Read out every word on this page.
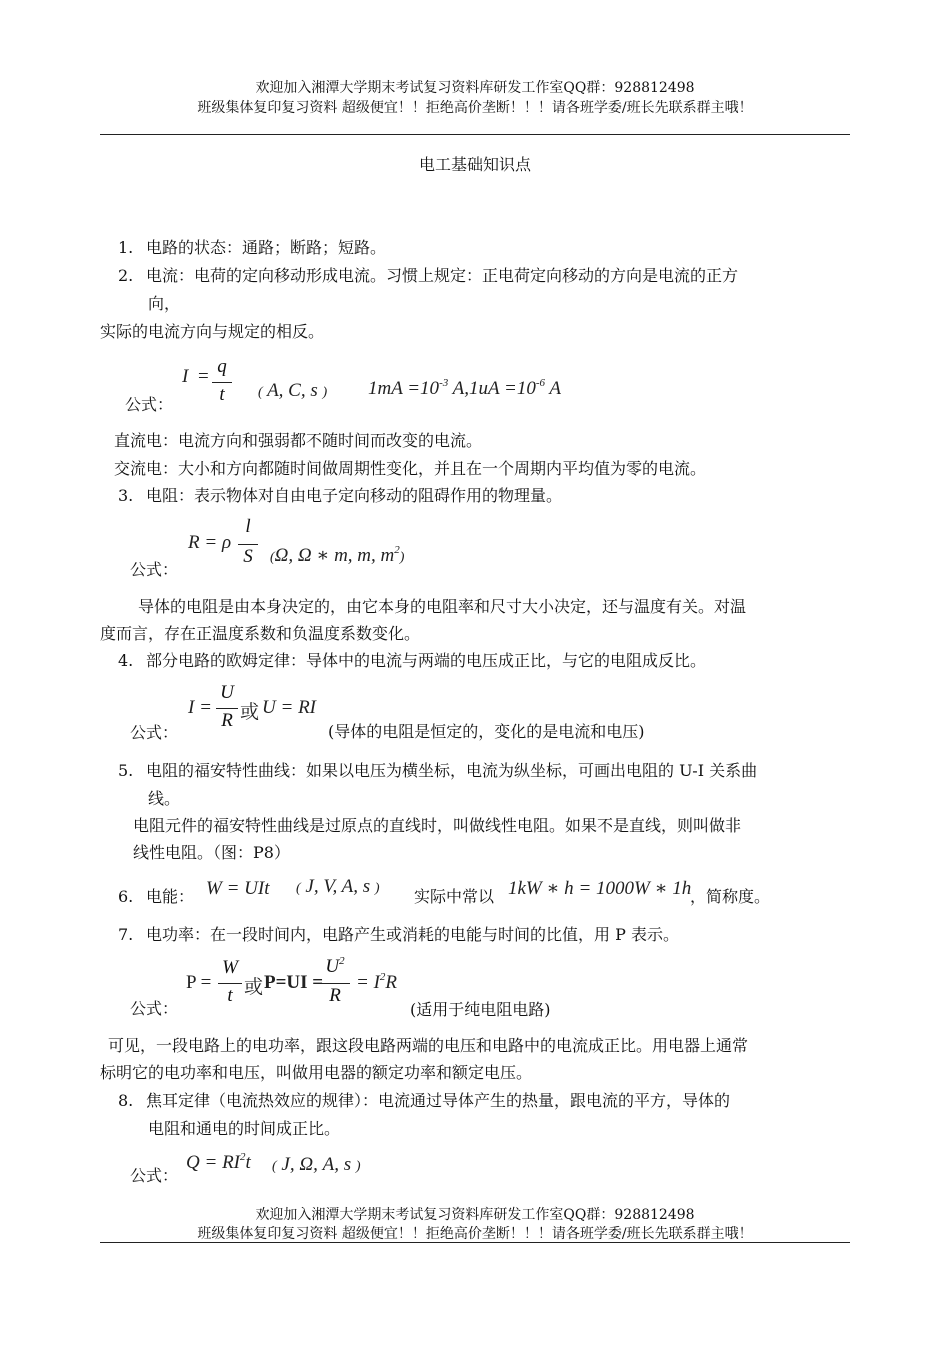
欢迎加入湘潭大学期末考试复习资料库研发工作室QQ群：928812498
班级集体复印复习资料 超级便宜！！拒绝高价垄断！！！请各班学委/班长先联系群主哦！
电工基础知识点
1. 电路的状态：通路；断路；短路。
2. 电流：电荷的定向移动形成电流。习惯上规定：正电荷定向移动的方向是电流的正方
向，
实际的电流方向与规定的相反。
公式：
I = q
t	( A, C, s ) $1mA =10^{-3}$ $A,1uA =10^{-6}$ A
直流电：电流方向和强弱都不随时间而改变的电流。
交流电：大小和方向都随时间做周期性变化，并且在一个周期内平均值为零的电流。
3. 电阻：表示物体对自由电子定向移动的阻碍作用的物理量。
公式：
R = ρ
l
S	(Ω, Ω ∗ m, m, $m^2$)
导体的电阻是由本身决定的，由它本身的电阻率和尺寸大小决定，还与温度有关。对温
度而言，存在正温度系数和负温度系数变化。
4. 部分电路的欧姆定律：导体中的电流与两端的电压成正比，与它的电阻成反比。
公式：
I =
U
R 或 U = RI
(导体的电阻是恒定的，变化的是电流和电压)
5. 电阻的福安特性曲线：如果以电压为横坐标，电流为纵坐标，可画出电阻的 U-I 关系曲
线。
电阻元件的福安特性曲线是过原点的直线时，叫做线性电阻。如果不是直线，则叫做非
线性电阻。（图：P8）
6. 电能： W = UIt ( J, V, A, s ) 实际中常以 1kW ∗ h = 1000W ∗ 1h
，简称度。
7. 电功率：在一段时间内，电路产生或消耗的电能与时间的比值，用 P 表示。
公式：
P =
W
t 或 P=UI =
$U^2$
R
= $I^2R$
(适用于纯电阻电路)
可见，一段电路上的电功率，跟这段电路两端的电压和电路中的电流成正比。用电器上通常
标明它的电功率和电压，叫做用电器的额定功率和额定电压。
8. 焦耳定律（电流热效应的规律）：电流通过导体产生的热量，跟电流的平方，导体的
电阻和通电的时间成正比。
公式：
$Q = RI^2t$ ( J, Ω, A, s )
欢迎加入湘潭大学期末考试复习资料库研发工作室QQ群：928812498
班级集体复印复习资料 超级便宜！！拒绝高价垄断！！！请各班学委/班长先联系群主哦！
